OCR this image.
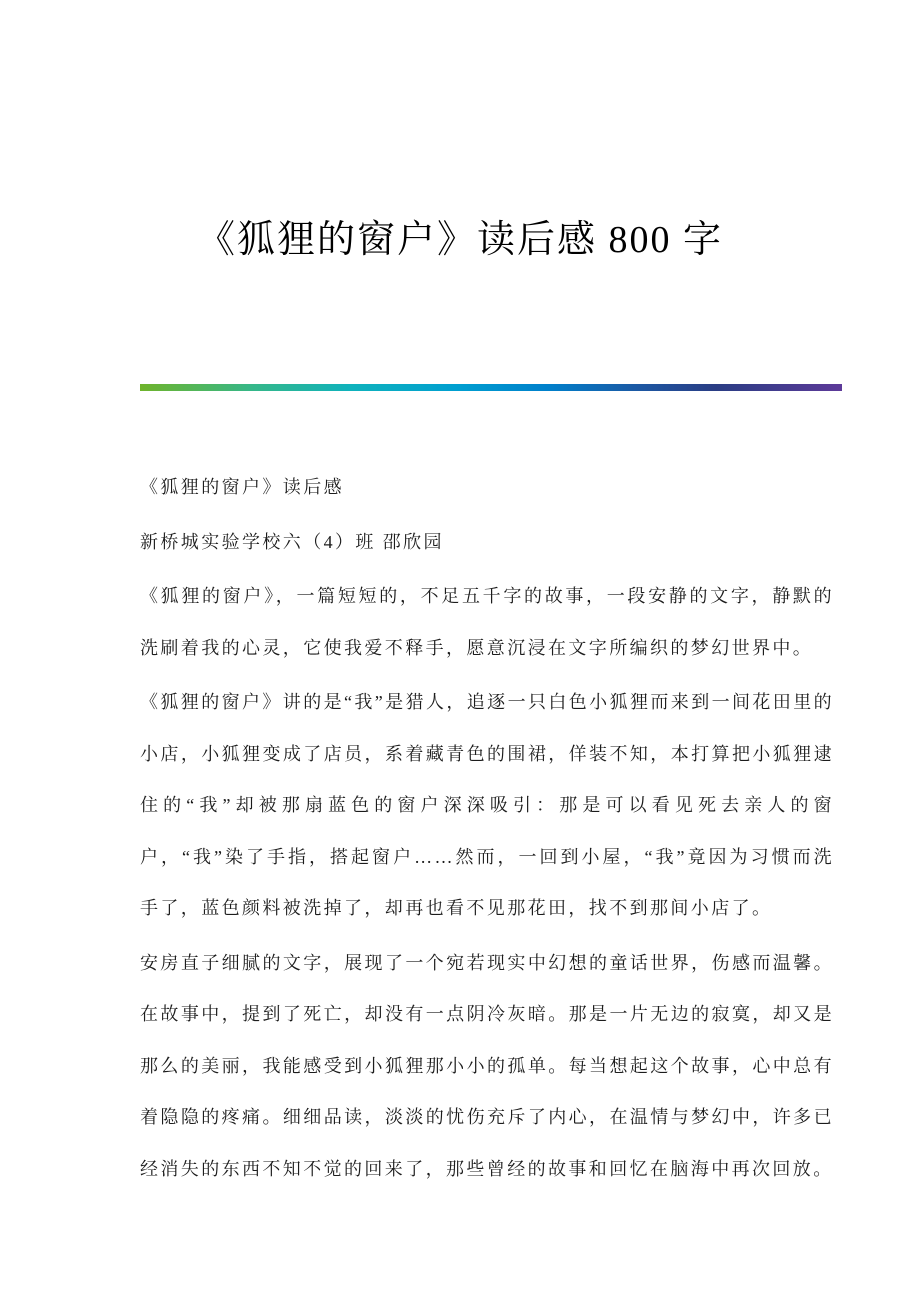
《狐狸的窗户》读后感 800 字

《狐狸的窗户》读后感

新桥城实验学校六（4）班 邵欣园

《狐狸的窗户》，一篇短短的，不足五千字的故事，一段安静的文字，静默的洗刷着我的心灵，它使我爱不释手，愿意沉浸在文字所编织的梦幻世界中。

《狐狸的窗户》讲的是“我”是猎人，追逐一只白色小狐狸而来到一间花田里的小店，小狐狸变成了店员，系着藏青色的围裙，佯装不知，本打算把小狐狸逮住的“我”却被那扇蓝色的窗户深深吸引：那是可以看见死去亲人的窗户，“我”染了手指，搭起窗户……然而，一回到小屋，“我”竟因为习惯而洗手了，蓝色颜料被洗掉了，却再也看不见那花田，找不到那间小店了。

安房直子细腻的文字，展现了一个宛若现实中幻想的童话世界，伤感而温馨。在故事中，提到了死亡，却没有一点阴冷灰暗。那是一片无边的寂寞，却又是那么的美丽，我能感受到小狐狸那小小的孤单。每当想起这个故事，心中总有着隐隐的疼痛。细细品读，淡淡的忧伤充斥了内心，在温情与梦幻中，许多已经消失的东西不知不觉的回来了，那些曾经的故事和回忆在脑海中再次回放。
